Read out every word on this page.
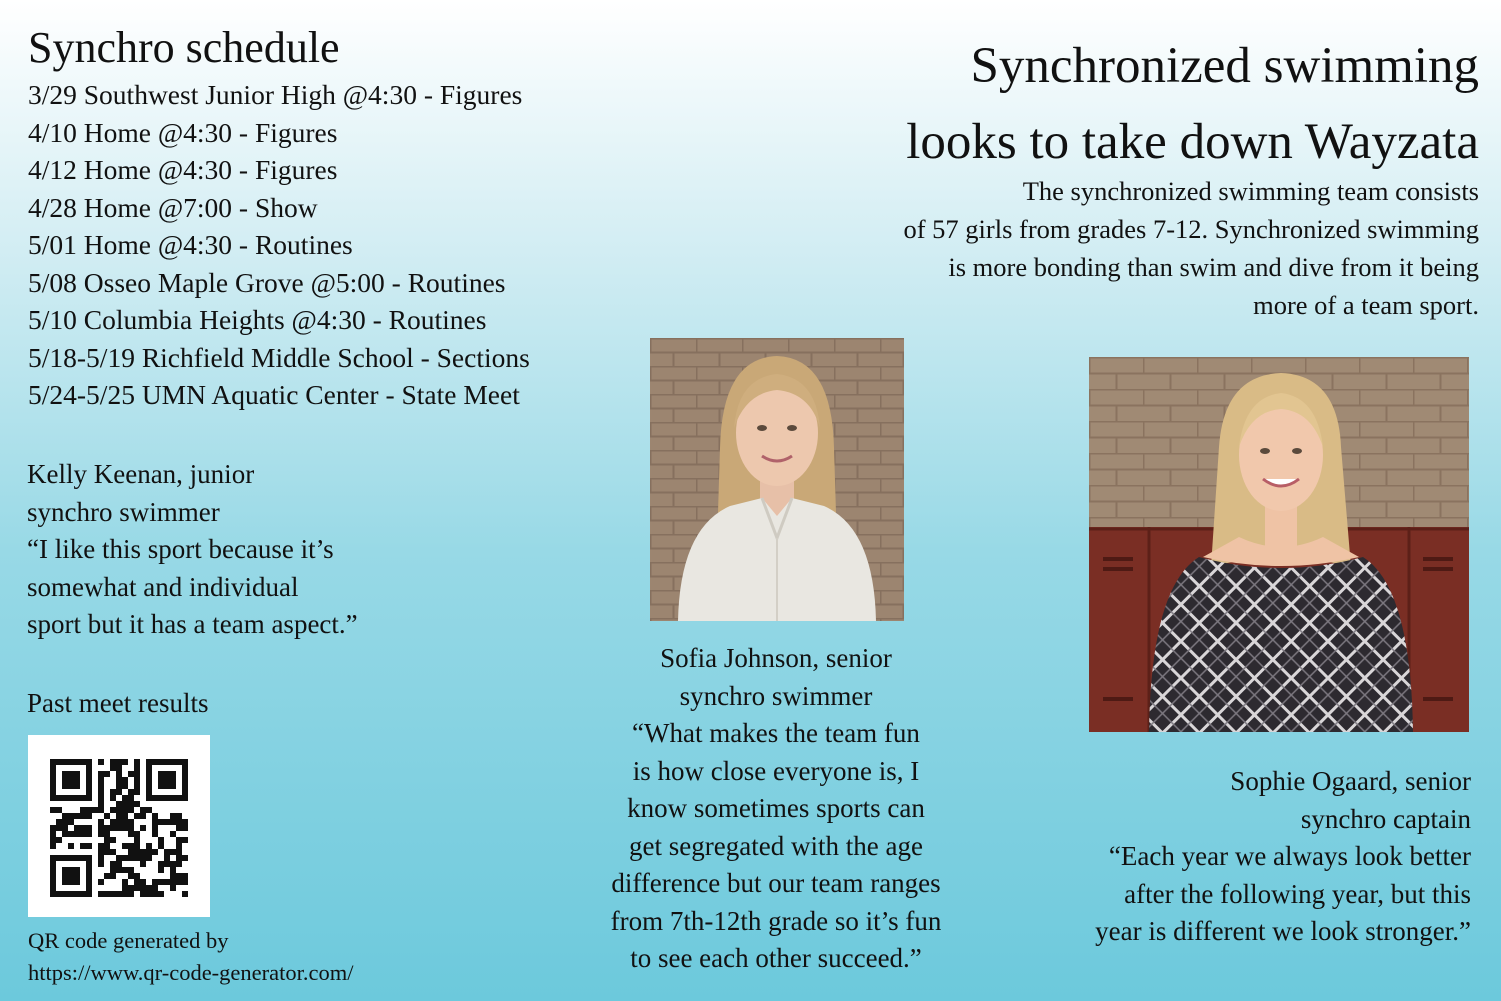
Synchro schedule
3/29 Southwest Junior High @4:30 - Figures
4/10 Home @4:30 - Figures
4/12 Home @4:30 - Figures
4/28 Home @7:00 - Show
5/01 Home @4:30 - Routines
5/08 Osseo Maple Grove @5:00 - Routines
5/10 Columbia Heights @4:30 - Routines
5/18-5/19 Richfield Middle School - Sections
5/24-5/25 UMN Aquatic Center - State Meet
Synchronized swimming
looks to take down Wayzata
The synchronized swimming team consists
of 57 girls from grades 7-12. Synchronized swimming
is more bonding than swim and dive from it being
more of a team sport.
Kelly Keenan, junior
synchro swimmer
“I like this sport because it’s
somewhat and individual
sport but it has a team aspect.”
Past meet results
QR code generated by
https://www.qr-code-generator.com/
Sofia Johnson, senior
synchro swimmer
“What makes the team fun
is how close everyone is, I
know sometimes sports can
get segregated with the age
difference but our team ranges
from 7th-12th grade so it’s fun
to see each other succeed.”
Sophie Ogaard, senior
synchro captain
“Each year we always look better
after the following year, but this
year is different we look stronger.”
